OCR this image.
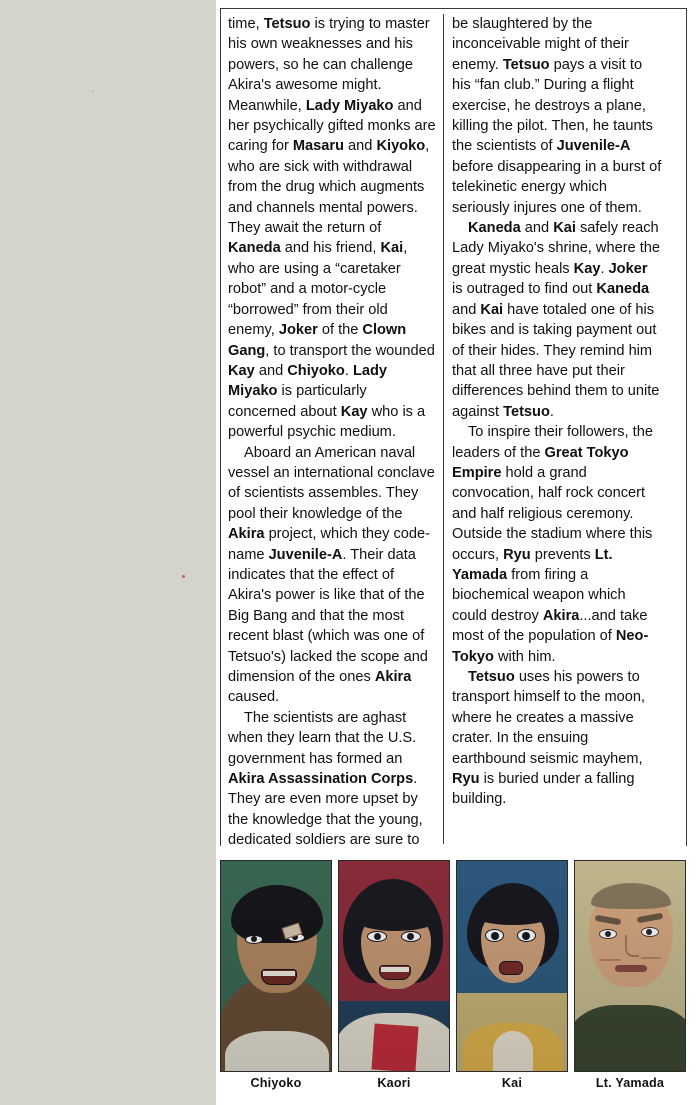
time, Tetsuo is trying to master his own weaknesses and his powers, so he can challenge Akira's awesome might. Meanwhile, Lady Miyako and her psychically gifted monks are caring for Masaru and Kiyoko, who are sick with withdrawal from the drug which augments and channels mental powers. They await the return of Kaneda and his friend, Kai, who are using a “caretaker robot” and a motor-cycle “borrowed” from their old enemy, Joker of the Clown Gang, to transport the wounded Kay and Chiyoko. Lady Miyako is particularly concerned about Kay who is a powerful psychic medium.

Aboard an American naval vessel an international conclave of scientists assembles. They pool their knowledge of the Akira project, which they code-name Juvenile-A. Their data indicates that the effect of Akira's power is like that of the Big Bang and that the most recent blast (which was one of Tetsuo's) lacked the scope and dimension of the ones Akira caused.

The scientists are aghast when they learn that the U.S. government has formed an Akira Assassination Corps. They are even more upset by the knowledge that the young, dedicated soldiers are sure to

be slaughtered by the inconceivable might of their enemy. Tetsuo pays a visit to his “fan club.” During a flight exercise, he destroys a plane, killing the pilot. Then, he taunts the scientists of Juvenile-A before disappearing in a burst of telekinetic energy which seriously injures one of them.

Kaneda and Kai safely reach Lady Miyako's shrine, where the great mystic heals Kay. Joker is outraged to find out Kaneda and Kai have totaled one of his bikes and is taking payment out of their hides. They remind him that all three have put their differences behind them to unite against Tetsuo.

To inspire their followers, the leaders of the Great Tokyo Empire hold a grand convocation, half rock concert and half religious ceremony. Outside the stadium where this occurs, Ryu prevents Lt. Yamada from firing a biochemical weapon which could destroy Akira...and take most of the population of Neo-Tokyo with him.

Tetsuo uses his powers to transport himself to the moon, where he creates a massive crater. In the ensuing earthbound seismic mayhem, Ryu is buried under a falling building.

Chiyoko	Kaori	Kai	Lt. Yamada
